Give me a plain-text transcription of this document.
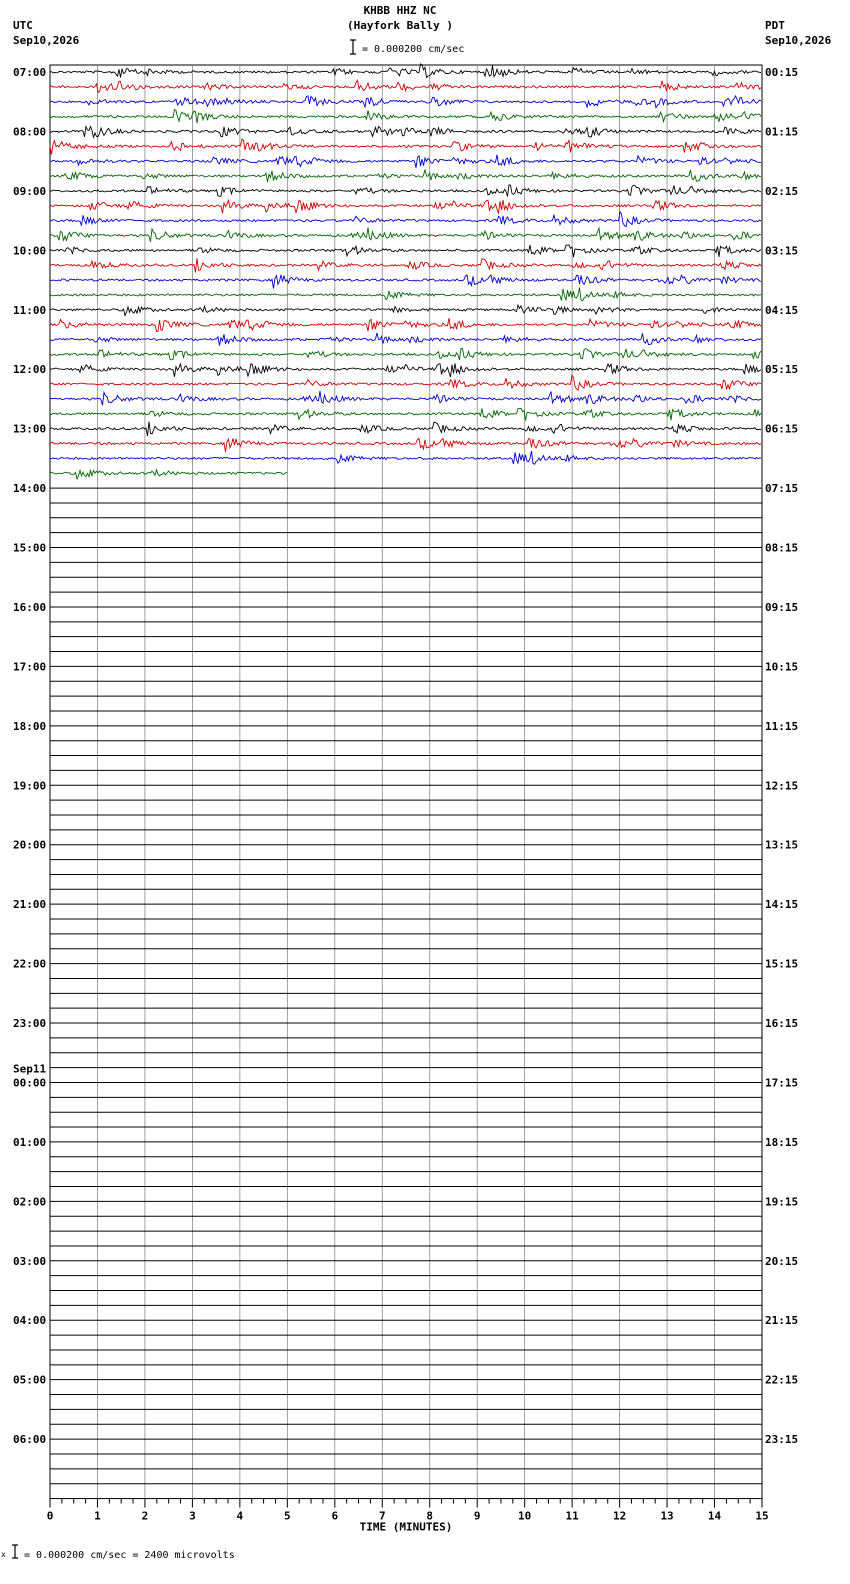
KHBB HHZ NC
(Hayfork Bally )
UTC
Sep10,2026
PDT
Sep10,2026
= 0.000200 cm/sec
07:00
08:00
09:00
10:00
11:00
12:00
13:00
14:00
15:00
16:00
17:00
18:00
19:00
20:00
21:00
22:00
23:00
00:00
01:00
02:00
03:00
04:00
05:00
06:00
Sep11
00:15
01:15
02:15
03:15
04:15
05:15
06:15
07:15
08:15
09:15
10:15
11:15
12:15
13:15
14:15
15:15
16:15
17:15
18:15
19:15
20:15
21:15
22:15
23:15
0	1	2	3	4	5	6	7	8	9	10	11	12	13	14	15
TIME (MINUTES)
x = 0.000200 cm/sec = 2400 microvolts
